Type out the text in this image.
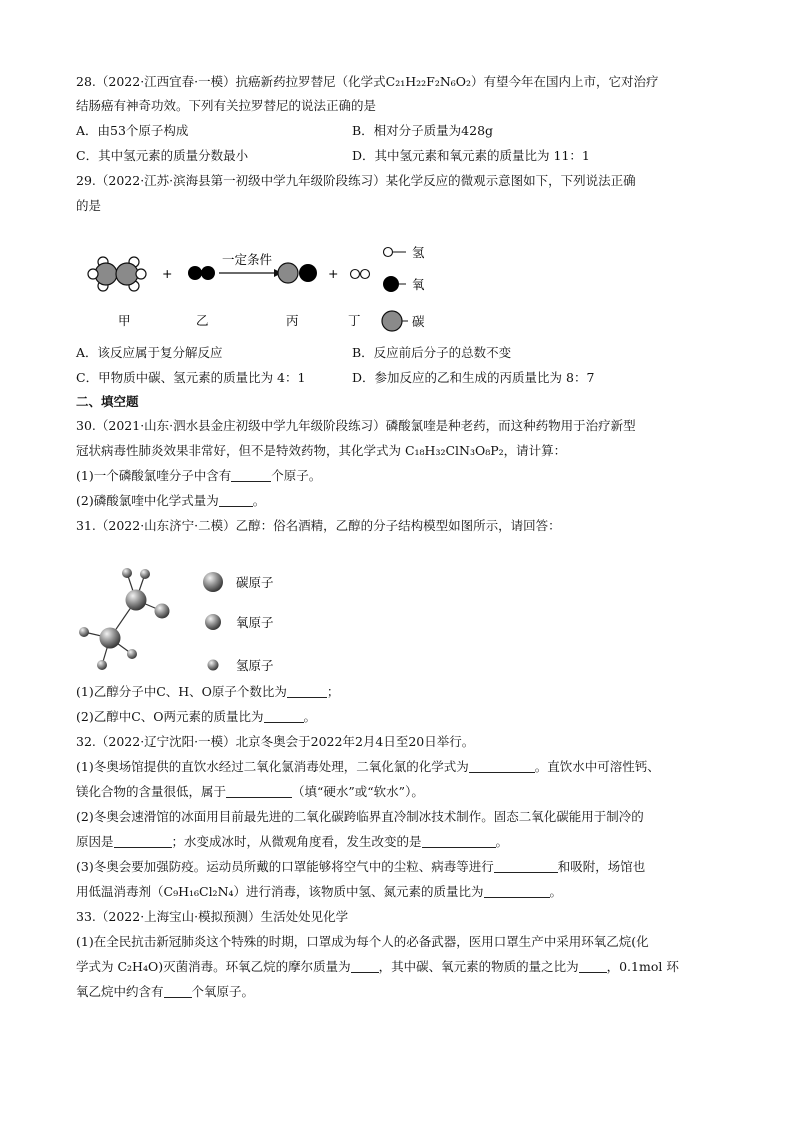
28.（2022·江西宜春·一模）抗癌新药拉罗替尼（化学式C₂₁H₂₂F₂N₆O₂）有望今年在国内上市，它对治疗
结肠癌有神奇功效。下列有关拉罗替尼的说法正确的是
A．由53个原子构成	B．相对分子质量为428g
C．其中氢元素的质量分数最小	D．其中氢元素和氧元素的质量比为 11：1
29.（2022·江苏·滨海县第一初级中学九年级阶段练习）某化学反应的微观示意图如下，下列说法正确
的是
+
一定条件
+
氢
氧
碳
甲	乙	丙	丁
A．该反应属于复分解反应	B．反应前后分子的总数不变
C．甲物质中碳、氢元素的质量比为 4：1	D．参加反应的乙和生成的丙质量比为 8：7
二、填空题
30.（2021·山东·泗水县金庄初级中学九年级阶段练习）磷酸氯喹是种老药，而这种药物用于治疗新型
冠状病毒性肺炎效果非常好，但不是特效药物，其化学式为 C₁₈H₃₂ClN₃O₈P₂，请计算：
(1)一个磷酸氯喹分子中含有	个原子。
(2)磷酸氯喹中化学式量为	。
31.（2022·山东济宁·二模）乙醇：俗名酒精，乙醇的分子结构模型如图所示，请回答：
碳原子
氧原子
氢原子
(1)乙醇分子中C、H、O原子个数比为	；
(2)乙醇中C、O两元素的质量比为	。
32.（2022·辽宁沈阳·一模）北京冬奥会于2022年2月4日至20日举行。
(1)冬奥场馆提供的直饮水经过二氧化氯消毒处理，二氧化氯的化学式为	。直饮水中可溶性钙、
镁化合物的含量很低，属于	（填“硬水”或“软水”）。
(2)冬奥会速滑馆的冰面用目前最先进的二氧化碳跨临界直冷制冰技术制作。固态二氧化碳能用于制冷的
原因是	；水变成冰时，从微观角度看，发生改变的是	。
(3)冬奥会要加强防疫。运动员所戴的口罩能够将空气中的尘粒、病毒等进行	和吸附，场馆也
用低温消毒剂（C₉H₁₆Cl₂N₄）进行消毒，该物质中氢、氮元素的质量比为	。
33.（2022·上海宝山·模拟预测）生活处处见化学
(1)在全民抗击新冠肺炎这个特殊的时期，口罩成为每个人的必备武器，医用口罩生产中采用环氧乙烷(化
学式为 C₂H₄O)灭菌消毒。环氧乙烷的摩尔质量为 ，其中碳、氧元素的物质的量之比为 ，0.1mol 环
氧乙烷中约含有 个氧原子。
